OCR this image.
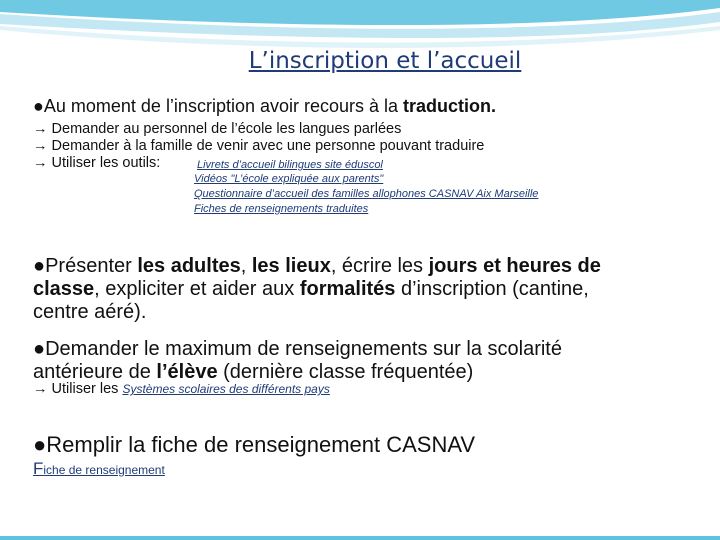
L’inscription et l’accueil
●Au moment de l’inscription avoir recours à la traduction.
→ Demander au personnel de l’école les langues parlées
→ Demander à la famille de venir avec une personne pouvant traduire
→ Utiliser les outils:	Livrets d’accueil bilingues site éduscol
Vidéos "L’école expliquée aux parents"
Questionnaire d’accueil des familles allophones CASNAV Aix Marseille
Fiches de renseignements traduites
●Présenter les adultes, les lieux, écrire les jours et heures de
classe, expliciter et aider aux formalités d’inscription (cantine,
centre aéré).
●Demander le maximum de renseignements sur la scolarité
antérieure de l’élève (dernière classe fréquentée)
→ Utiliser les Systèmes scolaires des différents pays
●Remplir la fiche de renseignement CASNAV
Fiche de renseignement
